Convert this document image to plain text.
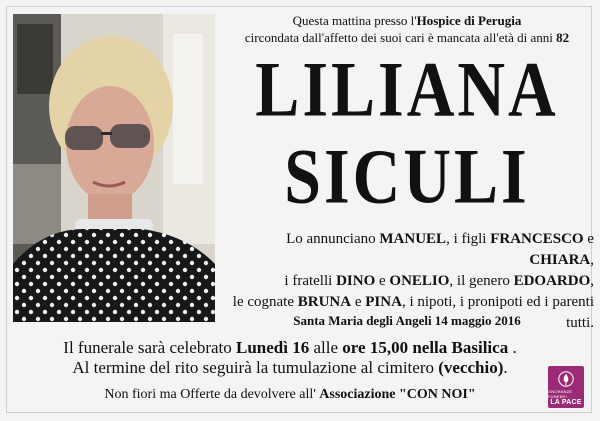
Questa mattina presso l'Hospice di Perugia
circondata dall'affetto dei suoi cari è mancata all'età di anni 82
LILIANA
SICULI
Lo annunciano MANUEL, i figli FRANCESCO e CHIARA,
i fratelli DINO e ONELIO, il genero EDOARDO,
le cognate BRUNA e PINA, i nipoti, i pronipoti ed i parenti tutti.
Santa Maria degli Angeli 14 maggio 2016
Il funerale sarà celebrato Lunedì 16 alle ore 15,00 nella Basilica .
Al termine del rito seguirà la tumulazione al cimitero (vecchio).
Non fiori ma Offerte da devolvere all' Associazione "CON NOI"	ONORANZE FUNEBRI
LA PACE
